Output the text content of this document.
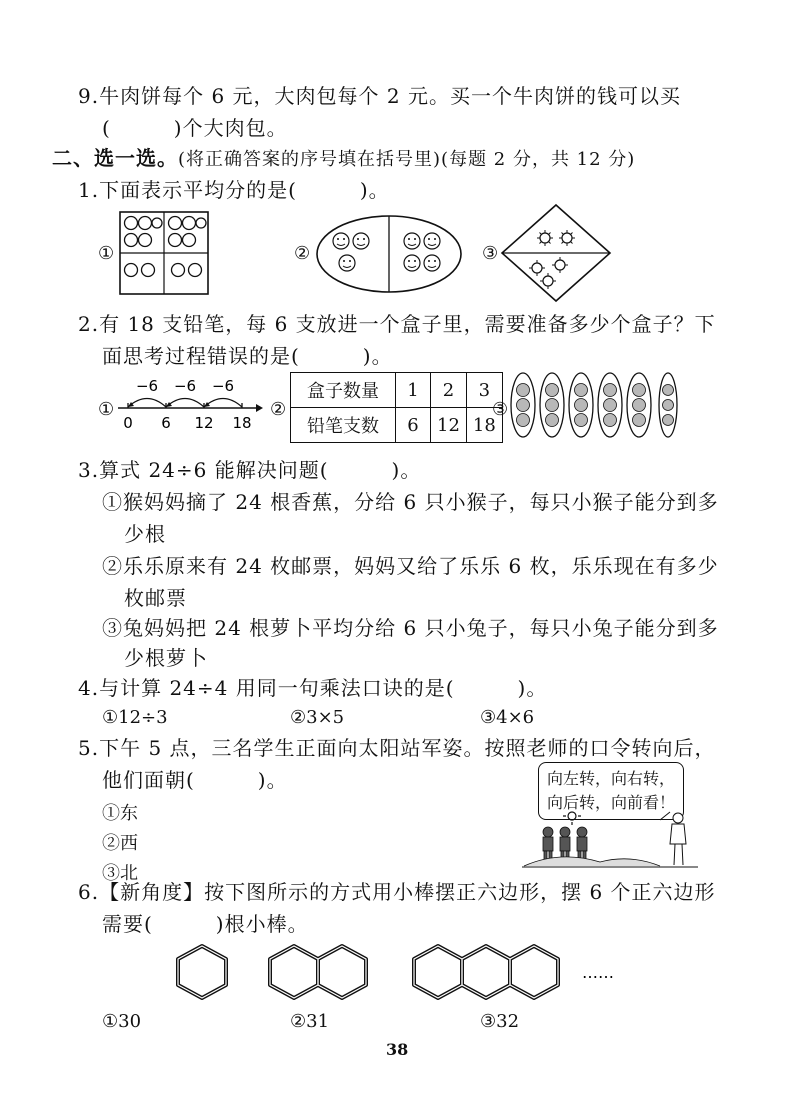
9.牛肉饼每个 6 元，大肉包每个 2 元。买一个牛肉饼的钱可以买
(　　　)个大肉包。
二、选一选。(将正确答案的序号填在括号里)(每题 2 分，共 12 分)
1.下面表示平均分的是(　　　)。
①	②	③
2.有 18 支铅笔，每 6 支放进一个盒子里，需要准备多少个盒子？下
面思考过程错误的是(　　　)。
①
−6 −6 −6
0 6 12 18
②
盒子数量	1	2	3
铅笔支数	6	12	18
③
3.算式 24÷6 能解决问题(　　　)。
①猴妈妈摘了 24 根香蕉，分给 6 只小猴子，每只小猴子能分到多
少根
②乐乐原来有 24 枚邮票，妈妈又给了乐乐 6 枚，乐乐现在有多少
枚邮票
③兔妈妈把 24 根萝卜平均分给 6 只小兔子，每只小兔子能分到多
少根萝卜
4.与计算 24÷4 用同一句乘法口诀的是(　　　)。
①12÷3	②3×5	③4×6
5.下午 5 点，三名学生正面向太阳站军姿。按照老师的口令转向后，
他们面朝(　　　)。
①东
②西
③北
向左转，向右转，
向后转，向前看！
6.【新角度】按下图所示的方式用小棒摆正六边形，摆 6 个正六边形
需要(　　　)根小棒。
……
①30	②31	③32
38
